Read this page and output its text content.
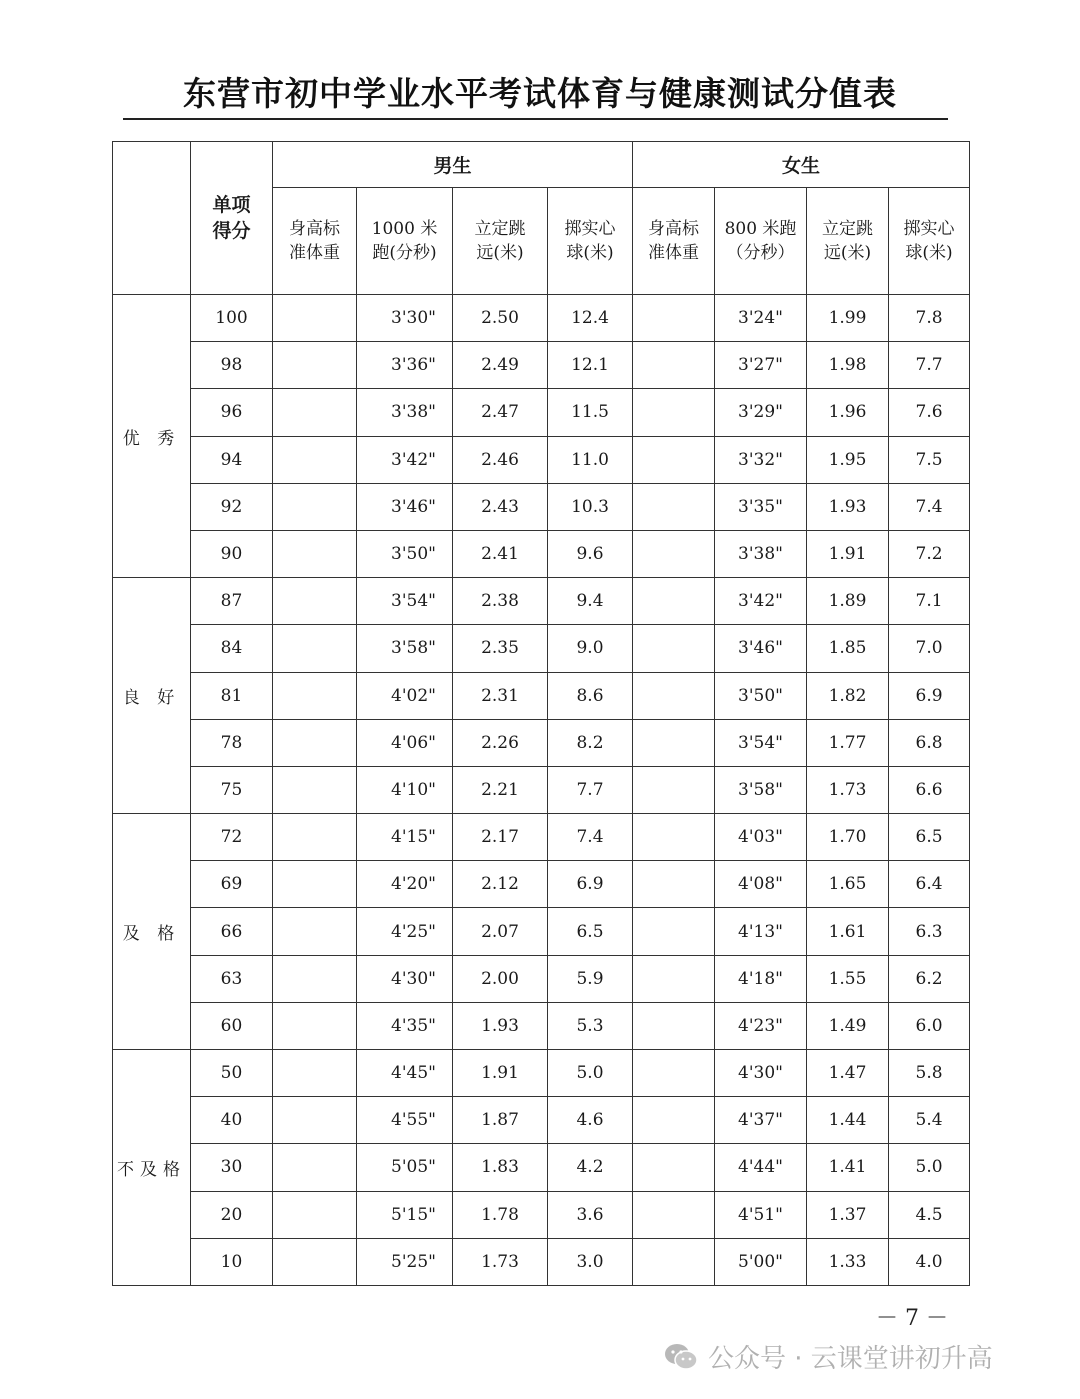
东营市初中学业水平考试体育与健康测试分值表
	单项得分	男生				女生			
		身高标准体重	1000 米跑(分秒)	立定跳远(米)	掷实心球(米)	身高标准体重	800 米跑（分秒）	立定跳远(米)	掷实心球(米)
优 秀	100		3'30"	2.50	12.4		3'24"	1.99	7.8
	98		3'36"	2.49	12.1		3'27"	1.98	7.7
	96		3'38"	2.47	11.5		3'29"	1.96	7.6
	94		3'42"	2.46	11.0		3'32"	1.95	7.5
	92		3'46"	2.43	10.3		3'35"	1.93	7.4
	90		3'50"	2.41	9.6		3'38"	1.91	7.2
良 好	87		3'54"	2.38	9.4		3'42"	1.89	7.1
	84		3'58"	2.35	9.0		3'46"	1.85	7.0
	81		4'02"	2.31	8.6		3'50"	1.82	6.9
	78		4'06"	2.26	8.2		3'54"	1.77	6.8
	75		4'10"	2.21	7.7		3'58"	1.73	6.6
及 格	72		4'15"	2.17	7.4		4'03"	1.70	6.5
	69		4'20"	2.12	6.9		4'08"	1.65	6.4
	66		4'25"	2.07	6.5		4'13"	1.61	6.3
	63		4'30"	2.00	5.9		4'18"	1.55	6.2
	60		4'35"	1.93	5.3		4'23"	1.49	6.0
不及格	50		4'45"	1.91	5.0		4'30"	1.47	5.8
	40		4'55"	1.87	4.6		4'37"	1.44	5.4
	30		5'05"	1.83	4.2		4'44"	1.41	5.0
	20		5'15"	1.78	3.6		4'51"	1.37	4.5
	10		5'25"	1.73	3.0		5'00"	1.33	4.0
－ 7 －
公众号 · 云课堂讲初升高
